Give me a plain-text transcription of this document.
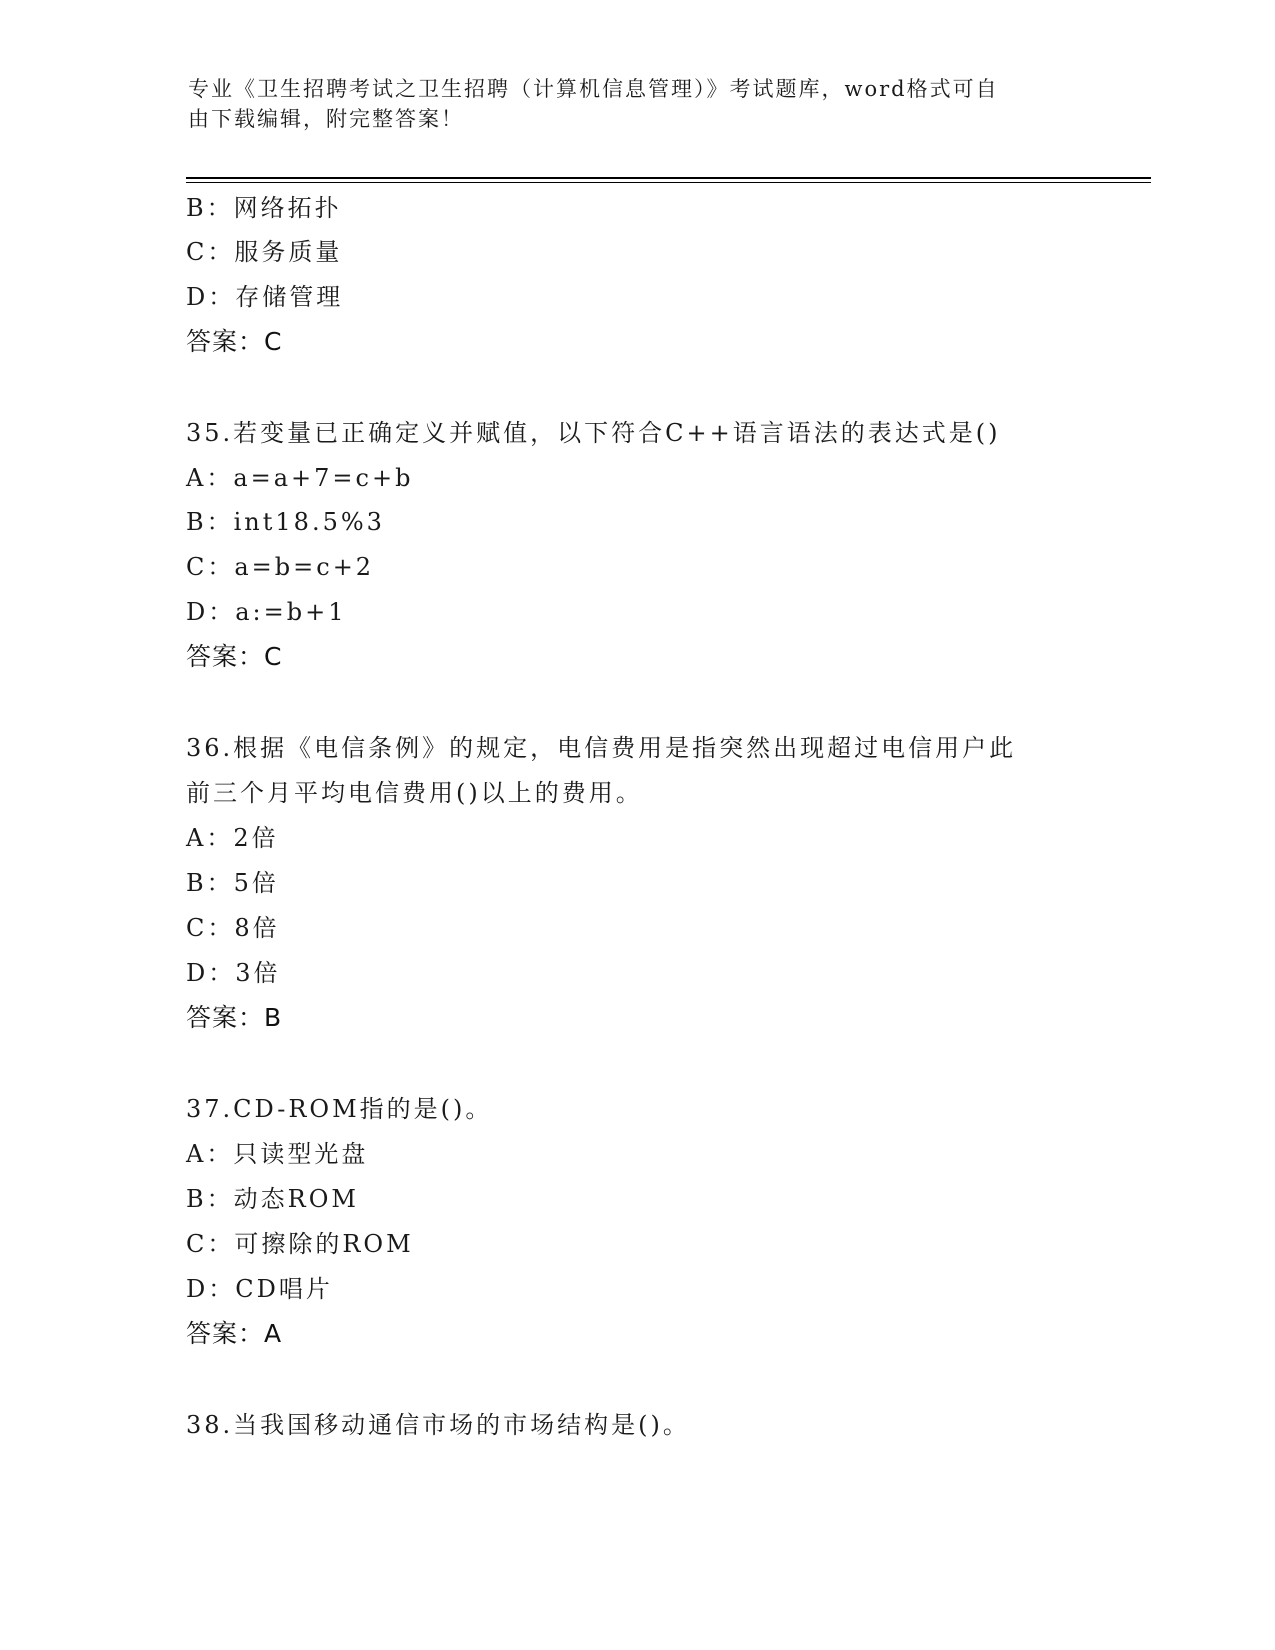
专业《卫生招聘考试之卫生招聘（计算机信息管理）》考试题库，word格式可自
由下载编辑，附完整答案！
B：网络拓扑
C：服务质量
D：存储管理
答案：C
35.若变量已正确定义并赋值，以下符合C++语言语法的表达式是()
A：a=a+7=c+b
B：int18.5%3
C：a=b=c+2
D：a:=b+1
答案：C
36.根据《电信条例》的规定，电信费用是指突然出现超过电信用户此
前三个月平均电信费用()以上的费用。
A：2倍
B：5倍
C：8倍
D：3倍
答案：B
37.CD-ROM指的是()。
A：只读型光盘
B：动态ROM
C：可擦除的ROM
D：CD唱片
答案：A
38.当我国移动通信市场的市场结构是()。
